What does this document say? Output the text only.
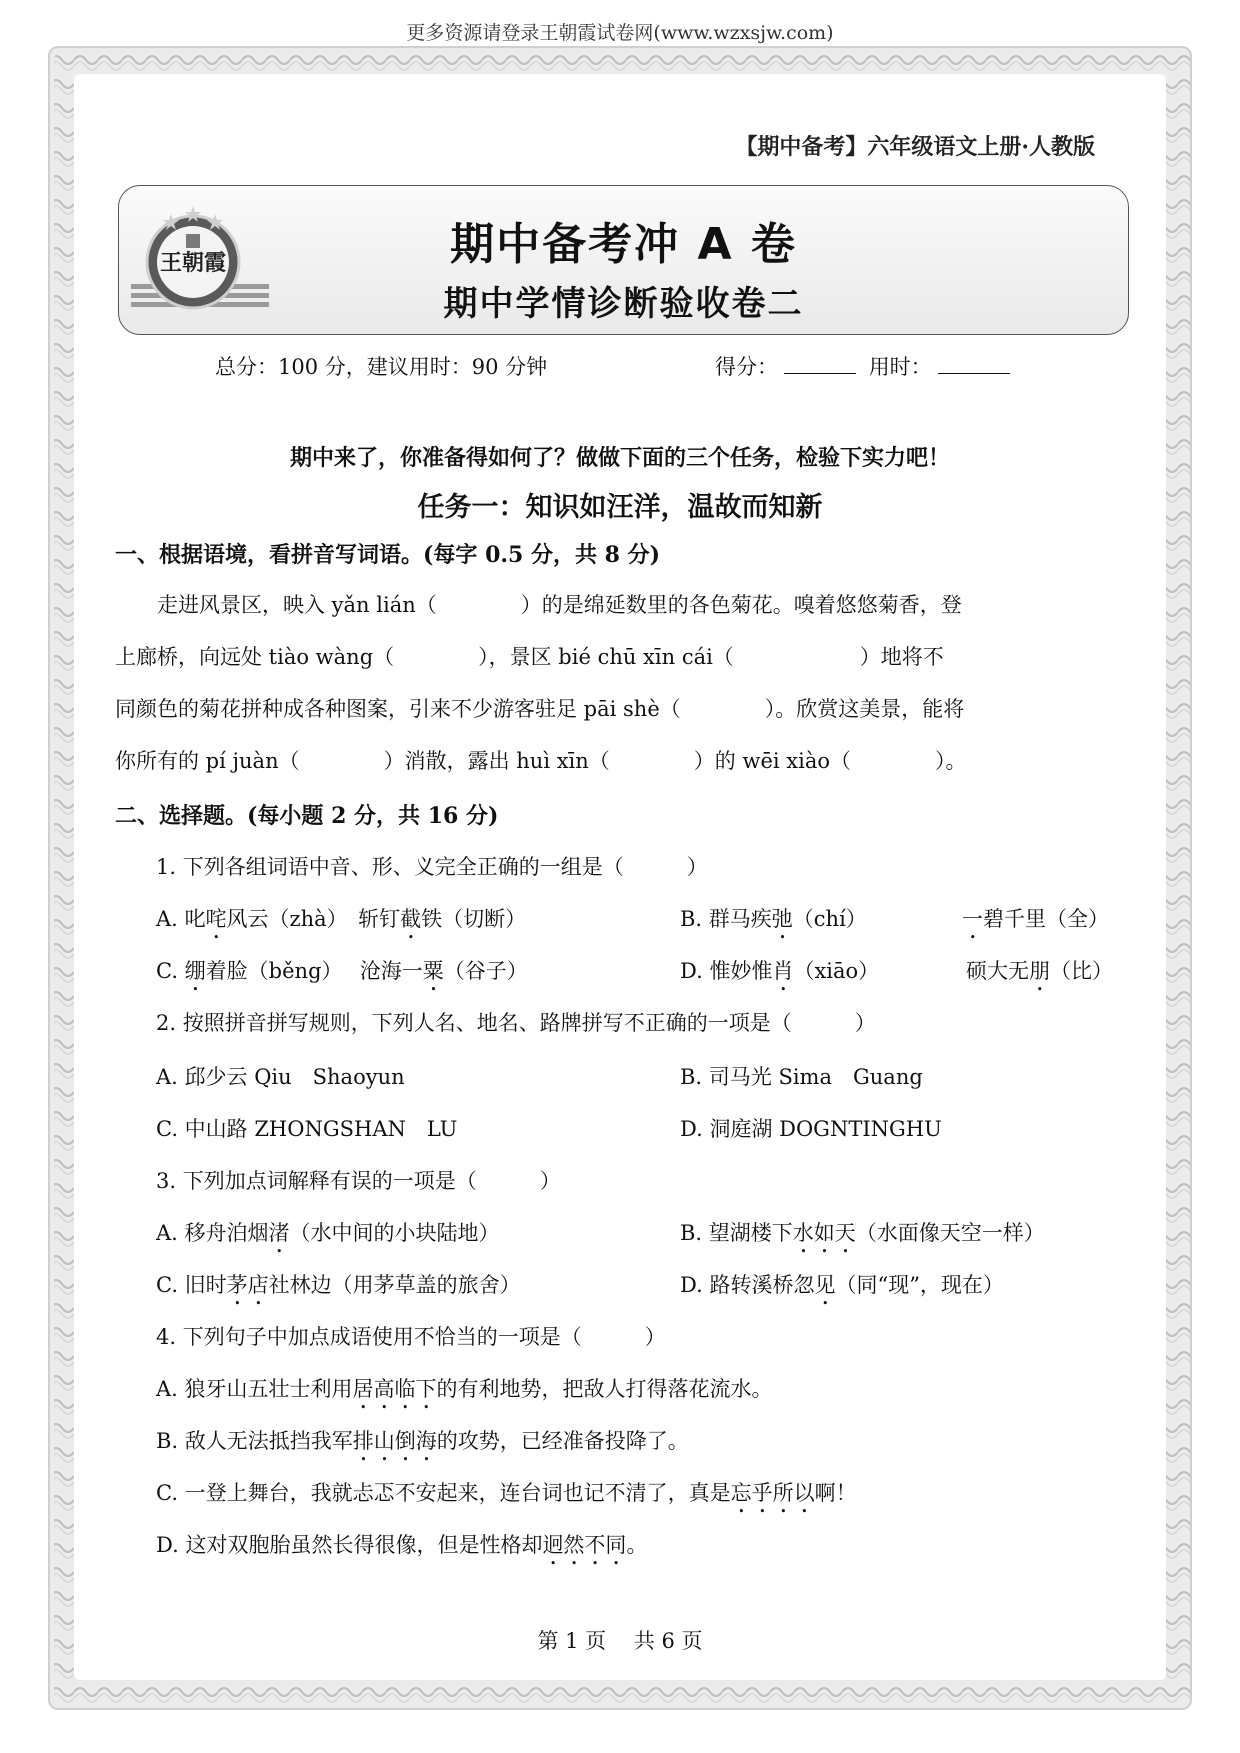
更多资源请登录王朝霞试卷网(www.wzxsjw.com)
【期中备考】六年级语文上册·人教版
王朝霞	期中备考冲 A 卷
期中学情诊断验收卷二
总分：100 分，建议用时：90 分钟	得分：	用时：
期中来了，你准备得如何了？做做下面的三个任务，检验下实力吧！
任务一：知识如汪洋，温故而知新
一、根据语境，看拼音写词语。(每字 0.5 分，共 8 分)
　　走进风景区，映入 yǎn lián（　　　　）的是绵延数里的各色菊花。嗅着悠悠菊香，登
上廊桥，向远处 tiào wàng（　　　　），景区 bié chū xīn cái（　　　　　　）地将不
同颜色的菊花拼种成各种图案，引来不少游客驻足 pāi shè（　　　　）。欣赏这美景，能将
你所有的 pí juàn（　　　　）消散，露出 huì xīn（　　　　）的 wēi xiào（　　　　）。
二、选择题。(每小题 2 分，共 16 分)
1. 下列各组词语中音、形、义完全正确的一组是（　　　）
A. 叱咤风云（zhà）　斩钉截铁（切断）	B. 群马疾弛（chí）	一碧千里（全）
C. 绷着脸（běng）　 沧海一粟（谷子）	D. 惟妙惟肖（xiāo）	硕大无朋（比）
2. 按照拼音拼写规则，下列人名、地名、路牌拼写不正确的一项是（　　　）
A. 邱少云 Qiu　Shaoyun	B. 司马光 Sima　Guang
C. 中山路 ZHONGSHAN　LU	D. 洞庭湖 DOGNTINGHU
3. 下列加点词解释有误的一项是（　　　）
A. 移舟泊烟渚（水中间的小块陆地）	B. 望湖楼下水如天（水面像天空一样）
C. 旧时茅店社林边（用茅草盖的旅舍）	D. 路转溪桥忽见（同“现”，现在）
4. 下列句子中加点成语使用不恰当的一项是（　　　）
A. 狼牙山五壮士利用居高临下的有利地势，把敌人打得落花流水。
B. 敌人无法抵挡我军排山倒海的攻势，已经准备投降了。
C. 一登上舞台，我就忐忑不安起来，连台词也记不清了，真是忘乎所以啊！
D. 这对双胞胎虽然长得很像，但是性格却迥然不同。
第 1 页　 共 6 页
